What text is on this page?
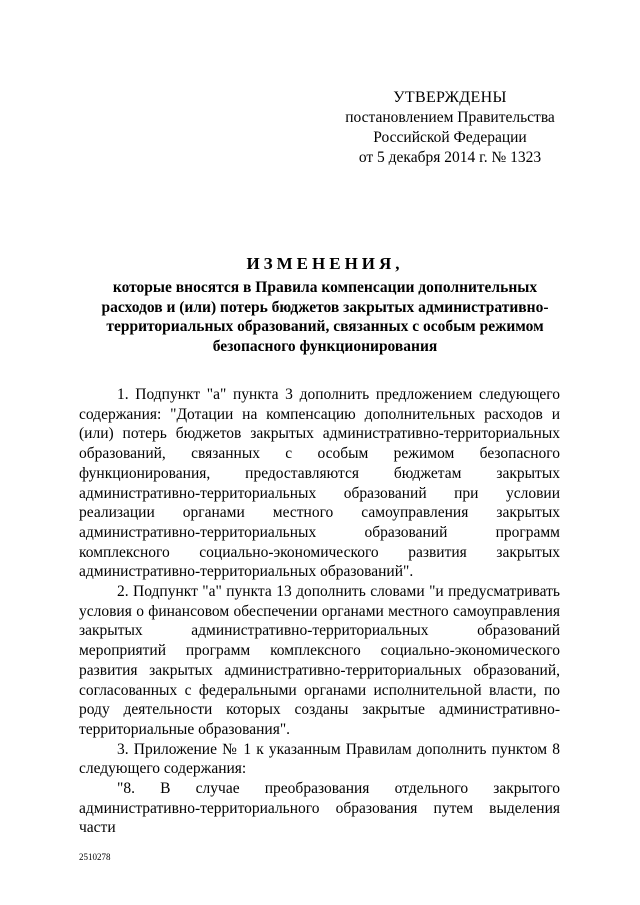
УТВЕРЖДЕНЫ
постановлением Правительства
Российской Федерации
от 5 декабря 2014 г. № 1323
ИЗМЕНЕНИЯ,
которые вносятся в Правила компенсации дополнительных расходов и (или) потерь бюджетов закрытых административно-территориальных образований, связанных с особым режимом безопасного функционирования

1. Подпункт "а" пункта 3 дополнить предложением следующего содержания: "Дотации на компенсацию дополнительных расходов и (или) потерь бюджетов закрытых административно-территориальных образований, связанных с особым режимом безопасного функционирования, предоставляются бюджетам закрытых административно-территориальных образований при условии реализации органами местного самоуправления закрытых административно-территориальных образований программ комплексного социально-экономического развития закрытых административно-территориальных образований".

2. Подпункт "а" пункта 13 дополнить словами "и предусматривать условия о финансовом обеспечении органами местного самоуправления закрытых административно-территориальных образований мероприятий программ комплексного социально-экономического развития закрытых административно-территориальных образований, согласованных с федеральными органами исполнительной власти, по роду деятельности которых созданы закрытые административно-территориальные образования".

3. Приложение № 1 к указанным Правилам дополнить пунктом 8 следующего содержания:

"8. В случае преобразования отдельного закрытого административно-территориального образования путем выделения части

2510278
